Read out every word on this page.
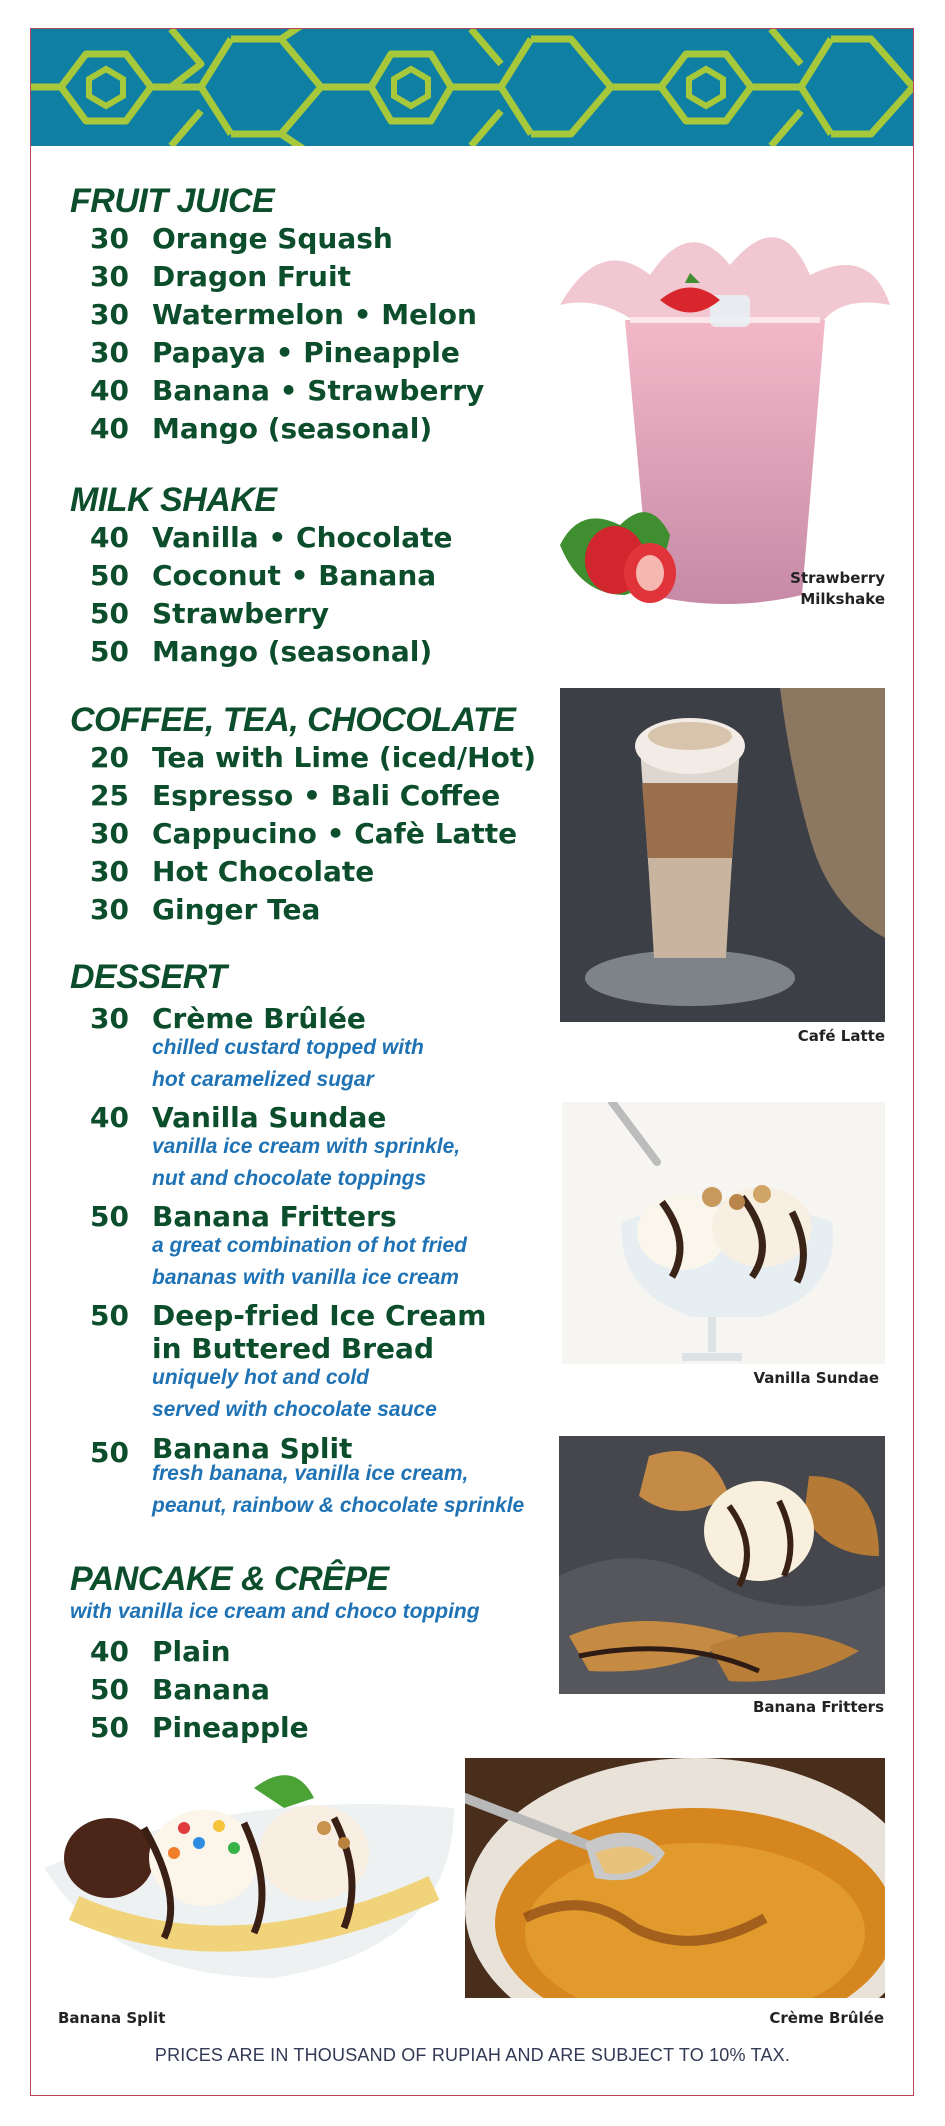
FRUIT JUICE
30 Orange Squash
30 Dragon Fruit
30 Watermelon • Melon
30 Papaya • Pineapple
40 Banana • Strawberry
40 Mango (seasonal)
MILK SHAKE
40 Vanilla • Chocolate
50 Coconut • Banana
50 Strawberry
50 Mango (seasonal)
COFFEE, TEA, CHOCOLATE
20 Tea with Lime (iced/Hot)
25 Espresso • Bali Coffee
30 Cappucino • Cafè Latte
30 Hot Chocolate
30 Ginger Tea
DESSERT
30 Crème Brûlée
chilled custard topped with
hot caramelized sugar
40 Vanilla Sundae
vanilla ice cream with sprinkle,
nut and chocolate toppings
50 Banana Fritters
a great combination of hot fried
bananas with vanilla ice cream
50 Deep-fried Ice Cream
in Buttered Bread
uniquely hot and cold
served with chocolate sauce
50 Banana Split
fresh banana, vanilla ice cream,
peanut, rainbow & chocolate sprinkle
PANCAKE & CRÊPE
with vanilla ice cream and choco topping
40 Plain
50 Banana
50 Pineapple
Strawberry
Milkshake
Café Latte
Vanilla Sundae
Banana Fritters
Banana Split	Crème Brûlée
PRICES ARE IN THOUSAND OF RUPIAH AND ARE SUBJECT TO 10% TAX.
